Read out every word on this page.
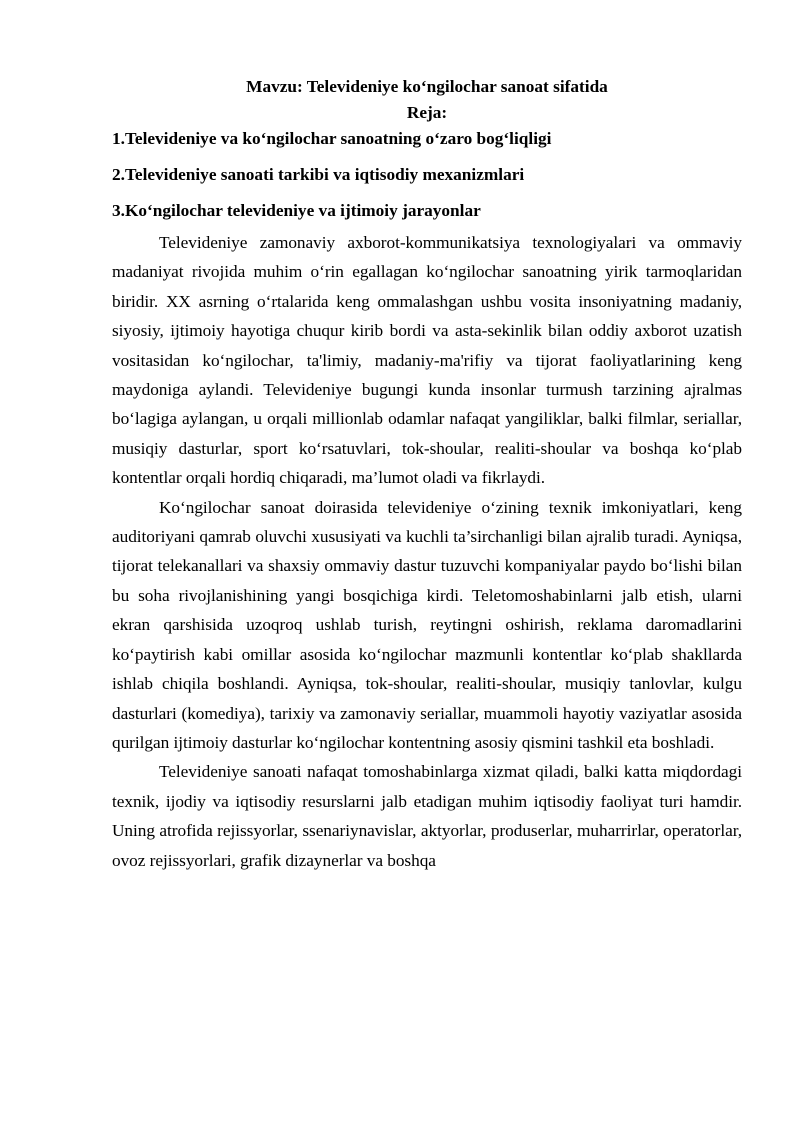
Mavzu: Televideniye ko‘ngilochar sanoat sifatida
Reja:
1.Televideniye va ko‘ngilochar sanoatning o‘zaro bog‘liqligi
2.Televideniye sanoati tarkibi va iqtisodiy mexanizmlari
3.Ko‘ngilochar televideniye va ijtimoiy jarayonlar

Televideniye zamonaviy axborot-kommunikatsiya texnologiyalari va ommaviy madaniyat rivojida muhim o‘rin egallagan ko‘ngilochar sanoatning yirik tarmoqlaridan biridir. XX asrning o‘rtalarida keng ommalashgan ushbu vosita insoniyatning madaniy, siyosiy, ijtimoiy hayotiga chuqur kirib bordi va asta-sekinlik bilan oddiy axborot uzatish vositasidan ko‘ngilochar, ta'limiy, madaniy-ma'rifiy va tijorat faoliyatlarining keng maydoniga aylandi. Televideniye bugungi kunda insonlar turmush tarzining ajralmas bo‘lagiga aylangan, u orqali millionlab odamlar nafaqat yangiliklar, balki filmlar, seriallar, musiqiy dasturlar, sport ko‘rsatuvlari, tok-shoular, realiti-shoular va boshqa ko‘plab kontentlar orqali hordiq chiqaradi, ma’lumot oladi va fikrlaydi.

Ko‘ngilochar sanoat doirasida televideniye o‘zining texnik imkoniyatlari, keng auditoriyani qamrab oluvchi xususiyati va kuchli ta’sirchanligi bilan ajralib turadi. Ayniqsa, tijorat telekanallari va shaxsiy ommaviy dastur tuzuvchi kompaniyalar paydo bo‘lishi bilan bu soha rivojlanishining yangi bosqichiga kirdi. Teletomoshabinlarni jalb etish, ularni ekran qarshisida uzoqroq ushlab turish, reytingni oshirish, reklama daromadlarini ko‘paytirish kabi omillar asosida ko‘ngilochar mazmunli kontentlar ko‘plab shakllarda ishlab chiqila boshlandi. Ayniqsa, tok-shoular, realiti-shoular, musiqiy tanlovlar, kulgu dasturlari (komediya), tarixiy va zamonaviy seriallar, muammoli hayotiy vaziyatlar asosida qurilgan ijtimoiy dasturlar ko‘ngilochar kontentning asosiy qismini tashkil eta boshladi.

Televideniye sanoati nafaqat tomoshabinlarga xizmat qiladi, balki katta miqdordagi texnik, ijodiy va iqtisodiy resurslarni jalb etadigan muhim iqtisodiy faoliyat turi hamdir. Uning atrofida rejissyorlar, ssenariynavislar, aktyorlar, produserlar, muharrirlar, operatorlar, ovoz rejissyorlari, grafik dizaynerlar va boshqa
